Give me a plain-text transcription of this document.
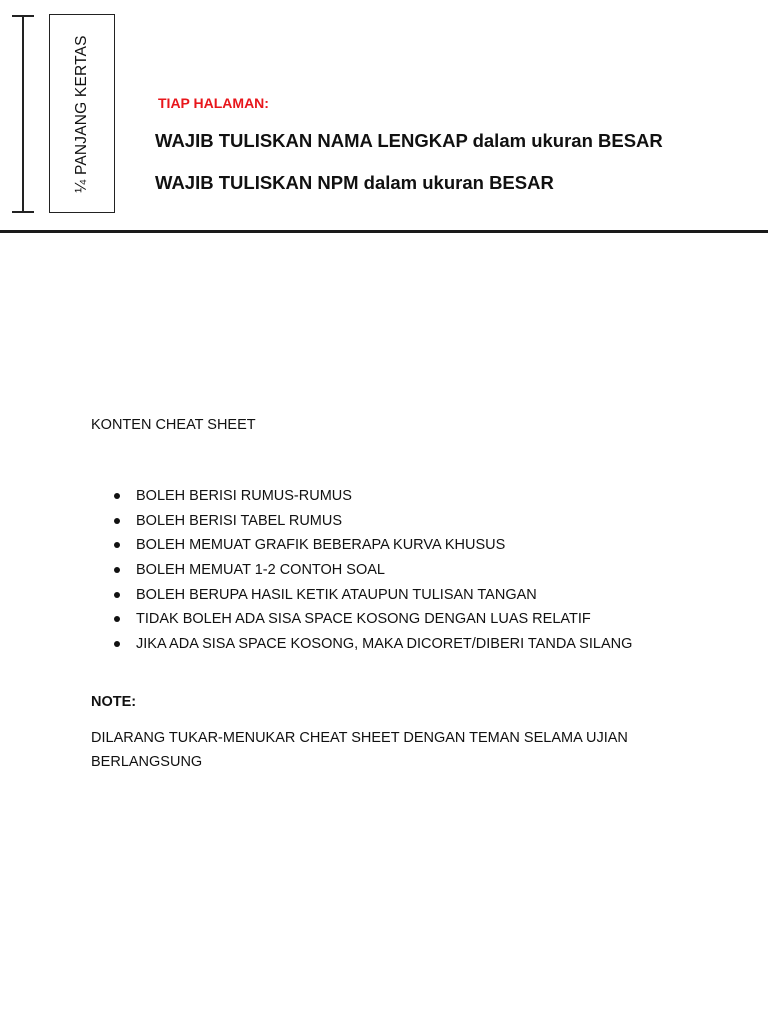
¼ PANJANG KERTAS	TIAP HALAMAN:
WAJIB TULISKAN NAMA LENGKAP dalam ukuran BESAR
WAJIB TULISKAN NPM dalam ukuran BESAR
KONTEN CHEAT SHEET
BOLEH BERISI RUMUS-RUMUS
BOLEH BERISI TABEL RUMUS
BOLEH MEMUAT GRAFIK BEBERAPA KURVA KHUSUS
BOLEH MEMUAT 1-2 CONTOH SOAL
BOLEH BERUPA HASIL KETIK ATAUPUN TULISAN TANGAN
TIDAK BOLEH ADA SISA SPACE KOSONG DENGAN LUAS RELATIF
JIKA ADA SISA SPACE KOSONG, MAKA DICORET/DIBERI TANDA SILANG
NOTE:
DILARANG TUKAR-MENUKAR CHEAT SHEET DENGAN TEMAN SELAMA UJIAN BERLANGSUNG
